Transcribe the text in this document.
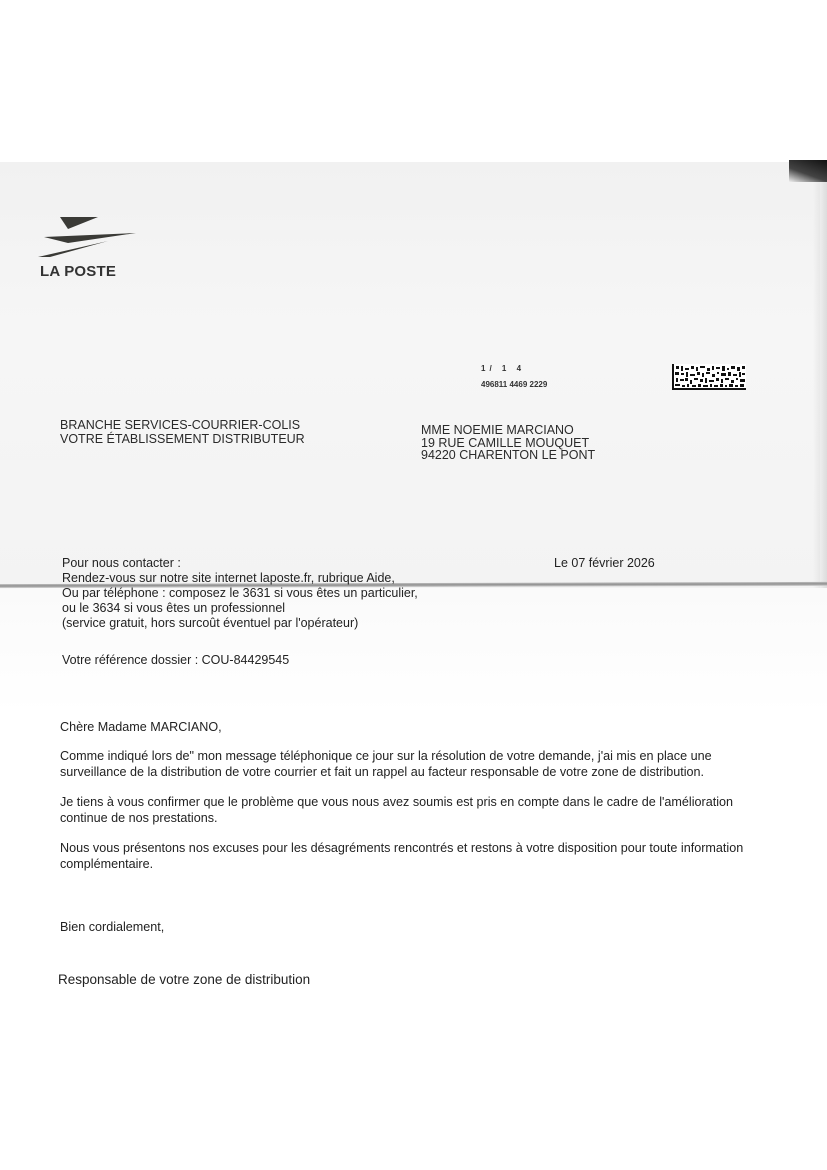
LA POSTE
1/ 1 4
496811 4469 2229
BRANCHE SERVICES-COURRIER-COLIS
VOTRE ÉTABLISSEMENT DISTRIBUTEUR
MME NOEMIE MARCIANO
19 RUE CAMILLE MOUQUET
94220 CHARENTON LE PONT
Pour nous contacter :
Rendez-vous sur notre site internet laposte.fr, rubrique Aide,
Ou par téléphone : composez le 3631 si vous êtes un particulier,
ou le 3634 si vous êtes un professionnel
(service gratuit, hors surcoût éventuel par l'opérateur)
Le 07 février 2026
Votre référence dossier : COU-84429545

Chère Madame MARCIANO,

Comme indiqué lors de" mon message téléphonique ce jour sur la résolution de votre demande, j'ai mis en place une surveillance de la distribution de votre courrier et fait un rappel au facteur responsable de votre zone de distribution.

Je tiens à vous confirmer que le problème que vous nous avez soumis est pris en compte dans le cadre de l'amélioration continue de nos prestations.

Nous vous présentons nos excuses pour les désagréments rencontrés et restons à votre disposition pour toute information complémentaire.

Bien cordialement,
Responsable de votre zone de distribution
